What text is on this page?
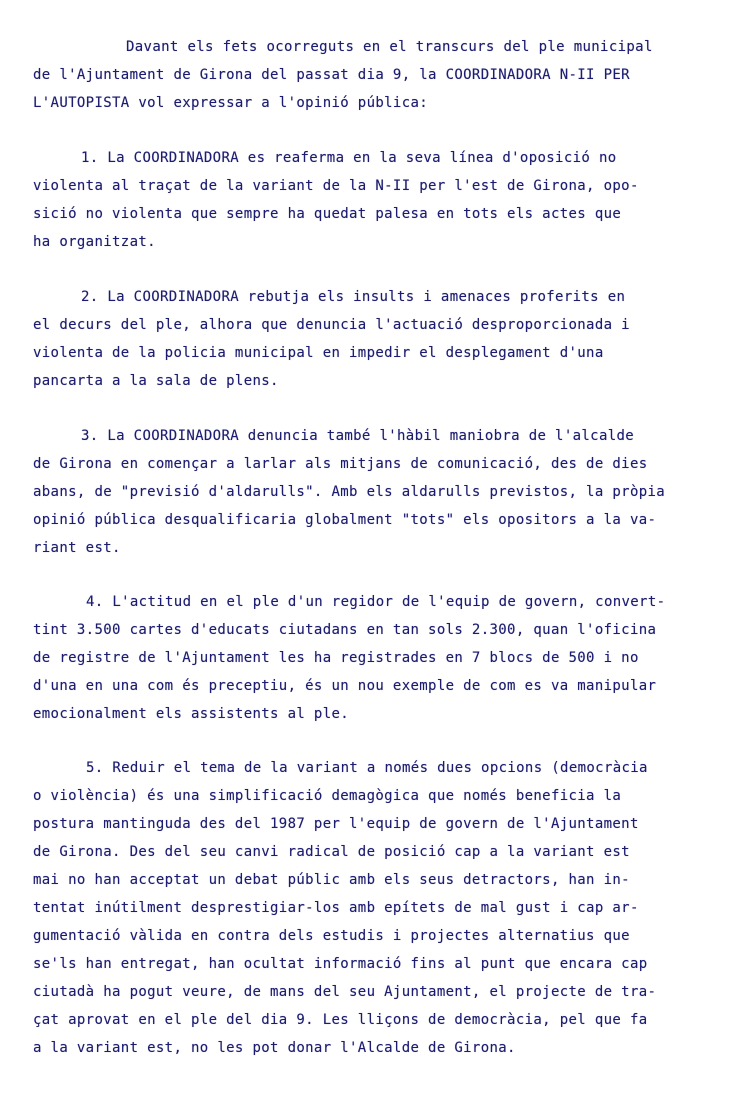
Davant els fets ocorreguts en el transcurs del ple municipal
de l'Ajuntament de Girona del passat dia 9, la COORDINADORA N-II PER
L'AUTOPISTA vol expressar a l'opinió pública:
1. La COORDINADORA es reaferma en la seva línea d'oposició no
violenta al traçat de la variant de la N-II per l'est de Girona, opo-
sició no violenta que sempre ha quedat palesa en tots els actes que
ha organitzat.
2. La COORDINADORA rebutja els insults i amenaces proferits en
el decurs del ple, alhora que denuncia l'actuació desproporcionada i
violenta de la policia municipal en impedir el desplegament d'una
pancarta a la sala de plens.
3. La COORDINADORA denuncia també l'hàbil maniobra de l'alcalde
de Girona en començar a larlar als mitjans de comunicació, des de dies
abans, de "previsió d'aldarulls". Amb els aldarulls previstos, la pròpia
opinió pública desqualificaria globalment "tots" els opositors a la va-
riant est.
4. L'actitud en el ple d'un regidor de l'equip de govern, convert-
tint 3.500 cartes d'educats ciutadans en tan sols 2.300, quan l'oficina
de registre de l'Ajuntament les ha registrades en 7 blocs de 500 i no
d'una en una com és preceptiu, és un nou exemple de com es va manipular
emocionalment els assistents al ple.
5. Reduir el tema de la variant a només dues opcions (democràcia
o violència) és una simplificació demagògica que només beneficia la
postura mantinguda des del 1987 per l'equip de govern de l'Ajuntament
de Girona. Des del seu canvi radical de posició cap a la variant est
mai no han acceptat un debat públic amb els seus detractors, han in-
tentat inútilment desprestigiar-los amb epítets de mal gust i cap ar-
gumentació vàlida en contra dels estudis i projectes alternatius que
se'ls han entregat, han ocultat informació fins al punt que encara cap
ciutadà ha pogut veure, de mans del seu Ajuntament, el projecte de tra-
çat aprovat en el ple del dia 9. Les lliçons de democràcia, pel que fa
a la variant est, no les pot donar l'Alcalde de Girona.
